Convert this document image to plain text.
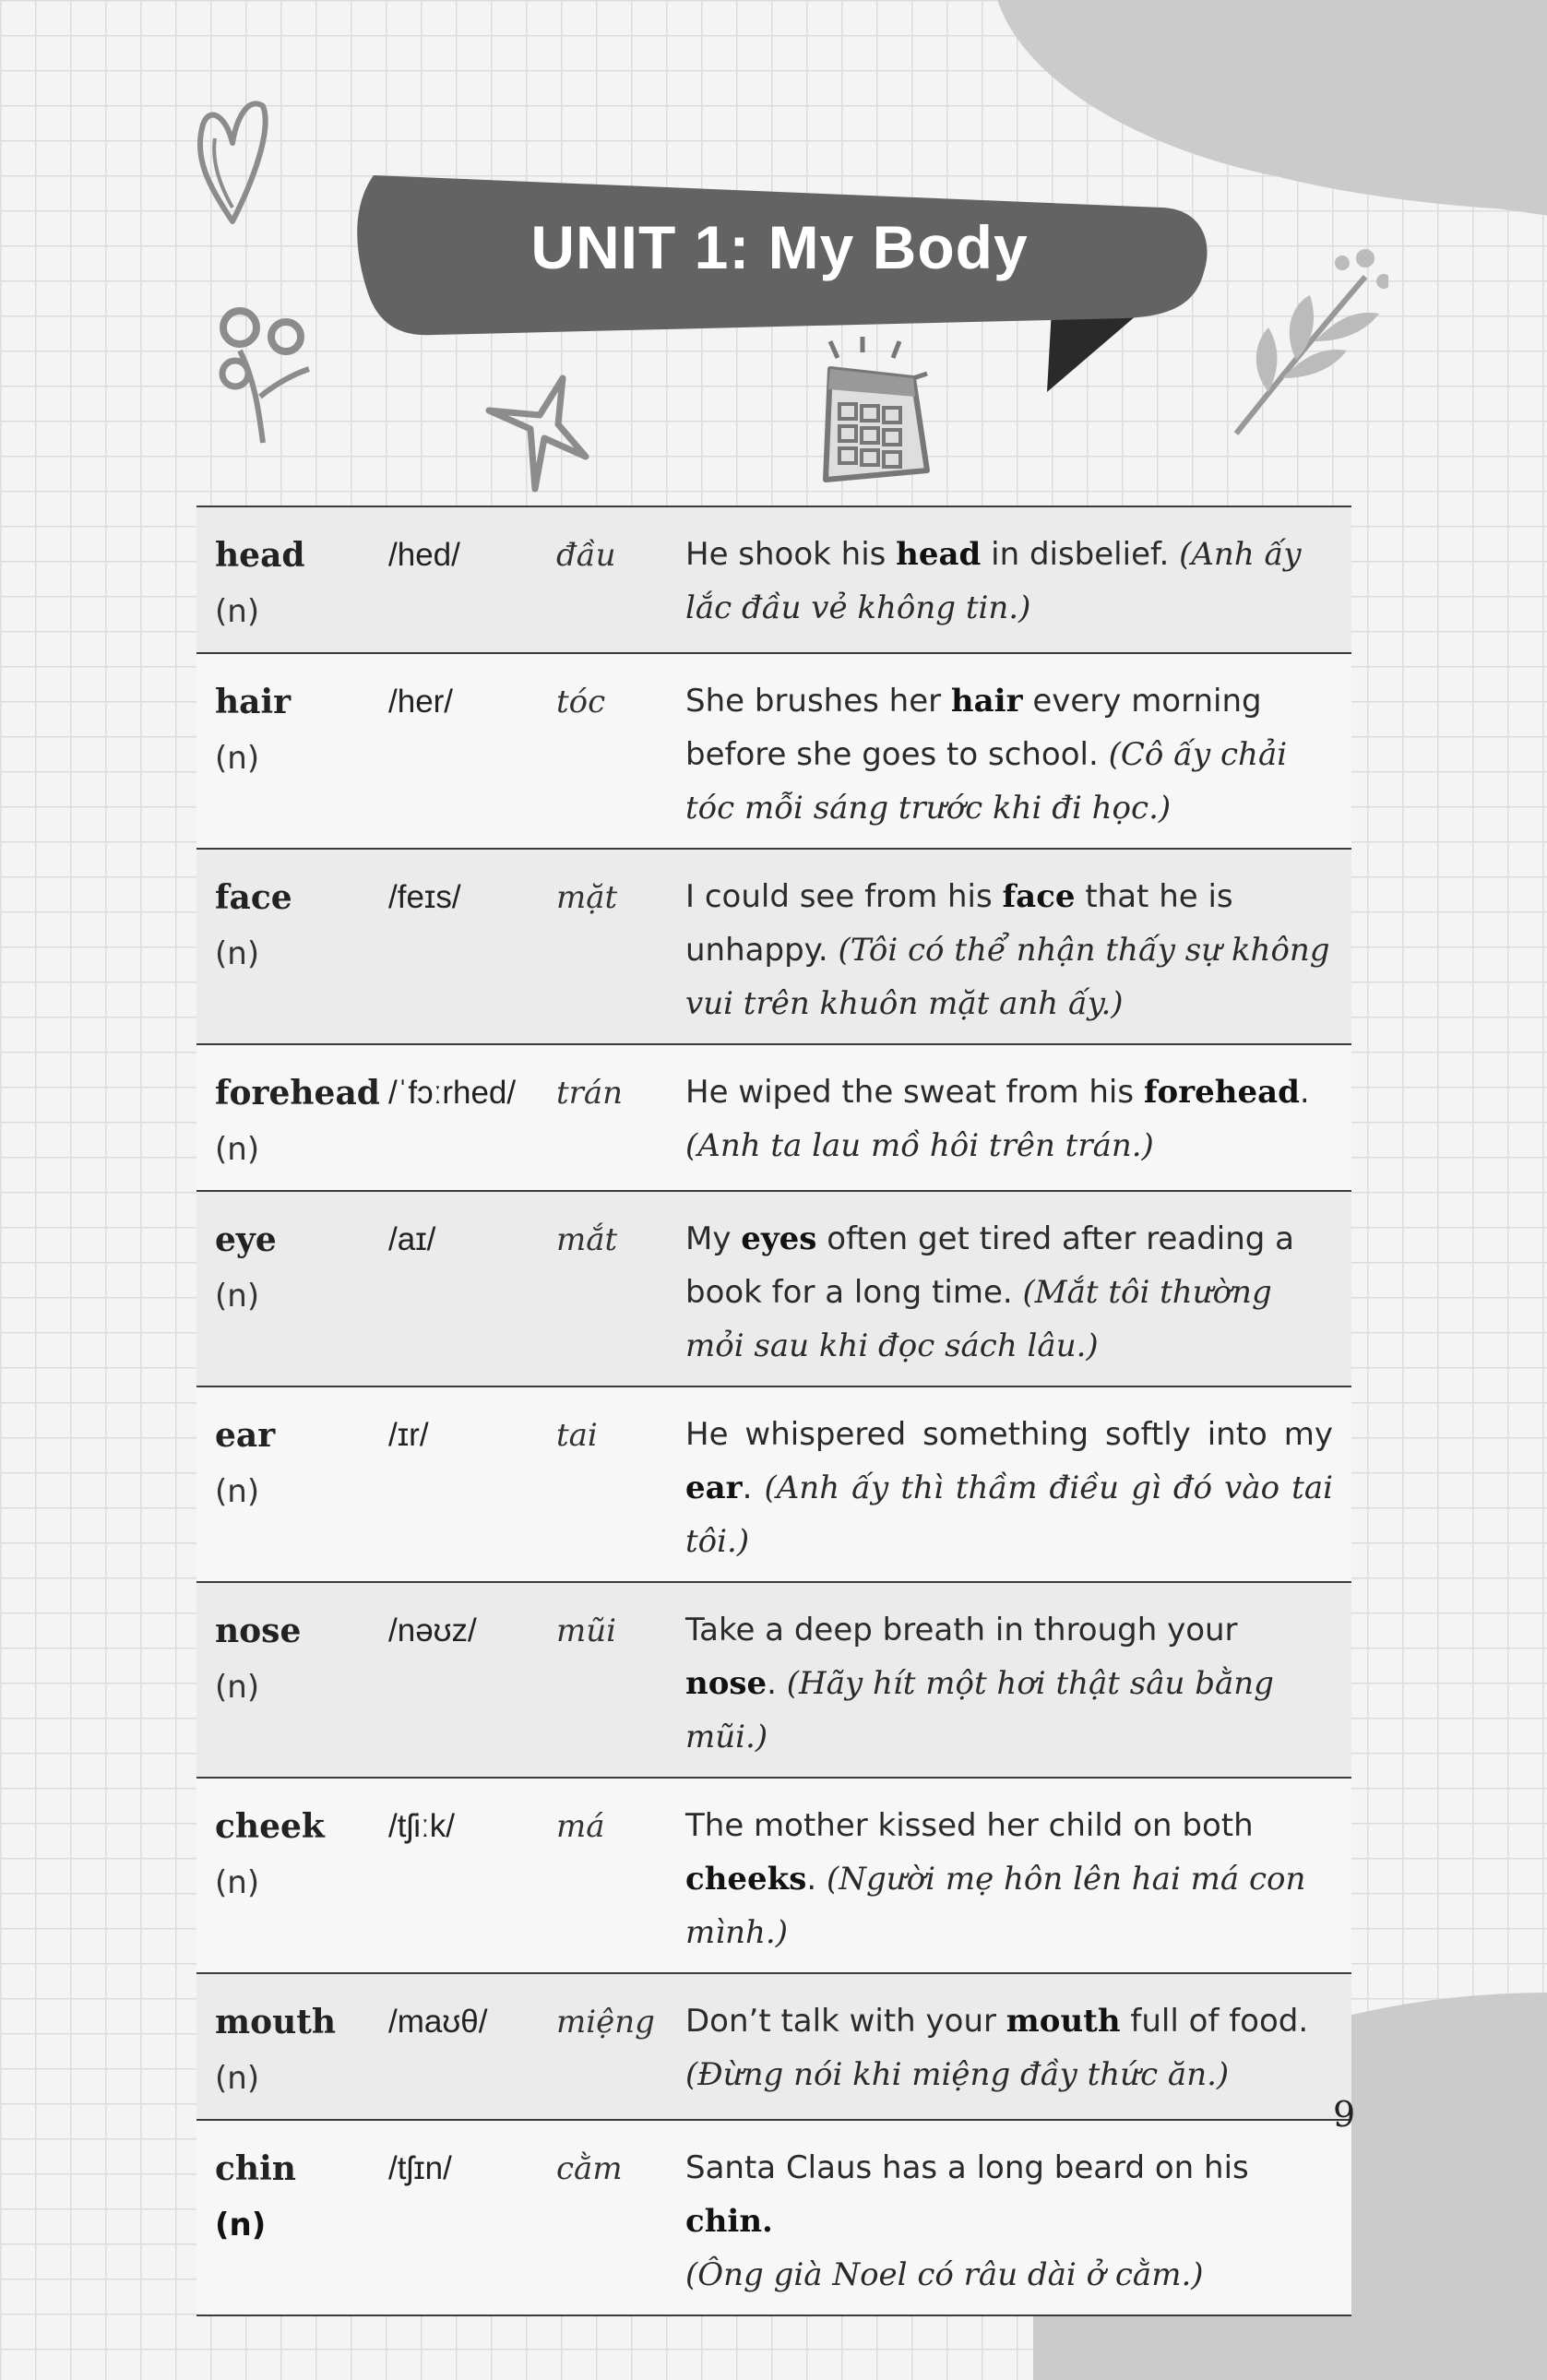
UNIT 1: My Body
head
(n)	/hed/	đầu	He shook his head in disbelief. (Anh ấy lắc đầu vẻ không tin.)
hair
(n)	/her/	tóc	She brushes her hair every morning before she goes to school. (Cô ấy chải tóc mỗi sáng trước khi đi học.)
face
(n)	/feɪs/	mặt	I could see from his face that he is unhappy. (Tôi có thể nhận thấy sự không vui trên khuôn mặt anh ấy.)
forehead
(n)	/ˈfɔːrhed/	trán	He wiped the sweat from his forehead. (Anh ta lau mồ hôi trên trán.)
eye
(n)	/aɪ/	mắt	My eyes often get tired after reading a book for a long time. (Mắt tôi thường mỏi sau khi đọc sách lâu.)
ear
(n)	/ɪr/	tai	He whispered something softly into my ear. (Anh ấy thì thầm điều gì đó vào tai tôi.)
nose
(n)	/nəʊz/	mũi	Take a deep breath in through your nose. (Hãy hít một hơi thật sâu bằng mũi.)
cheek
(n)	/tʃiːk/	má	The mother kissed her child on both cheeks. (Người mẹ hôn lên hai má con mình.)
mouth
(n)	/maʊθ/	miệng	Don’t talk with your mouth full of food. (Đừng nói khi miệng đầy thức ăn.)
chin
(n)	/tʃɪn/	cằm	Santa Claus has a long beard on his chin.
(Ông già Noel có râu dài ở cằm.)
9
